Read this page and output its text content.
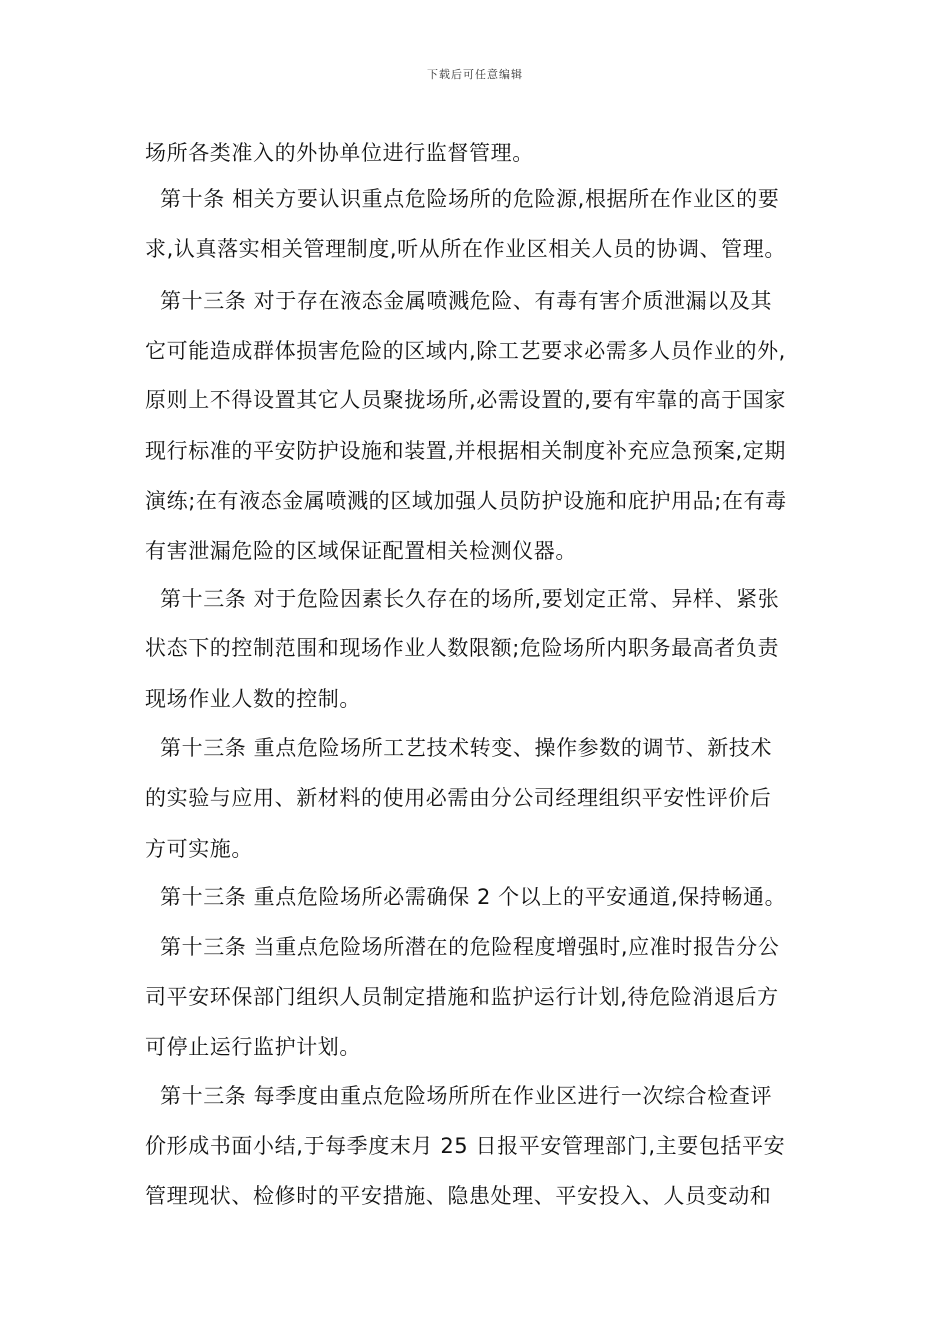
下载后可任意编辑
场所各类准入的外协单位进行监督管理。
第十条 相关方要认识重点危险场所的危险源,根据所在作业区的要
求,认真落实相关管理制度,听从所在作业区相关人员的协调、管理。
第十三条 对于存在液态金属喷溅危险、有毒有害介质泄漏以及其
它可能造成群体损害危险的区域内,除工艺要求必需多人员作业的外,
原则上不得设置其它人员聚拢场所,必需设置的,要有牢靠的高于国家
现行标准的平安防护设施和装置,并根据相关制度补充应急预案,定期
演练;在有液态金属喷溅的区域加强人员防护设施和庇护用品;在有毒
有害泄漏危险的区域保证配置相关检测仪器。
第十三条 对于危险因素长久存在的场所,要划定正常、异样、紧张
状态下的控制范围和现场作业人数限额;危险场所内职务最高者负责
现场作业人数的控制。
第十三条 重点危险场所工艺技术转变、操作参数的调节、新技术
的实验与应用、新材料的使用必需由分公司经理组织平安性评价后
方可实施。
第十三条 重点危险场所必需确保 2 个以上的平安通道,保持畅通。
第十三条 当重点危险场所潜在的危险程度增强时,应准时报告分公
司平安环保部门组织人员制定措施和监护运行计划,待危险消退后方
可停止运行监护计划。
第十三条 每季度由重点危险场所所在作业区进行一次综合检查评
价形成书面小结,于每季度末月 25 日报平安管理部门,主要包括平安
管理现状、检修时的平安措施、隐患处理、平安投入、人员变动和
